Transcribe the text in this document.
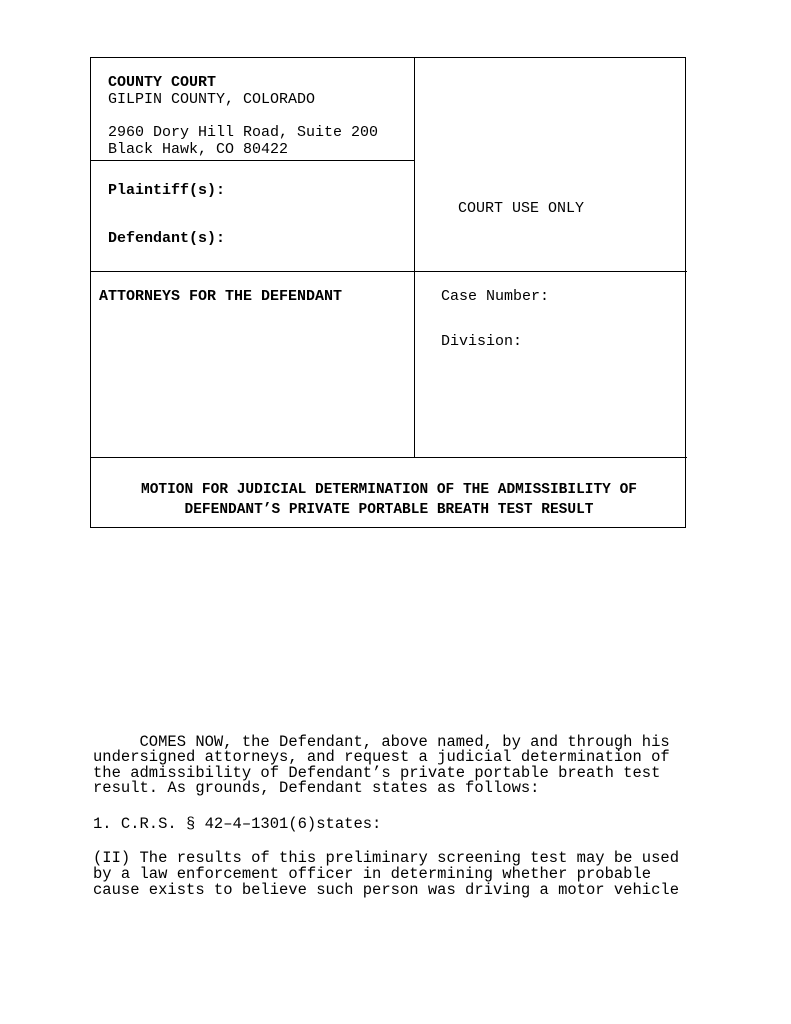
COUNTY COURT
GILPIN COUNTY, COLORADO
2960 Dory Hill Road, Suite 200
Black Hawk, CO 80422
Plaintiff(s):
Defendant(s):
COURT USE ONLY
ATTORNEYS FOR THE DEFENDANT	Case Number:
Division:
MOTION FOR JUDICIAL DETERMINATION OF THE ADMISSIBILITY OF
DEFENDANT’S PRIVATE PORTABLE BREATH TEST RESULT
COMES NOW, the Defendant, above named, by and through his
undersigned attorneys, and request a judicial determination of
the admissibility of Defendant’s private portable breath test
result. As grounds, Defendant states as follows:
1. C.R.S. § 42–4–1301(6)states:
(II) The results of this preliminary screening test may be used
by a law enforcement officer in determining whether probable
cause exists to believe such person was driving a motor vehicle
